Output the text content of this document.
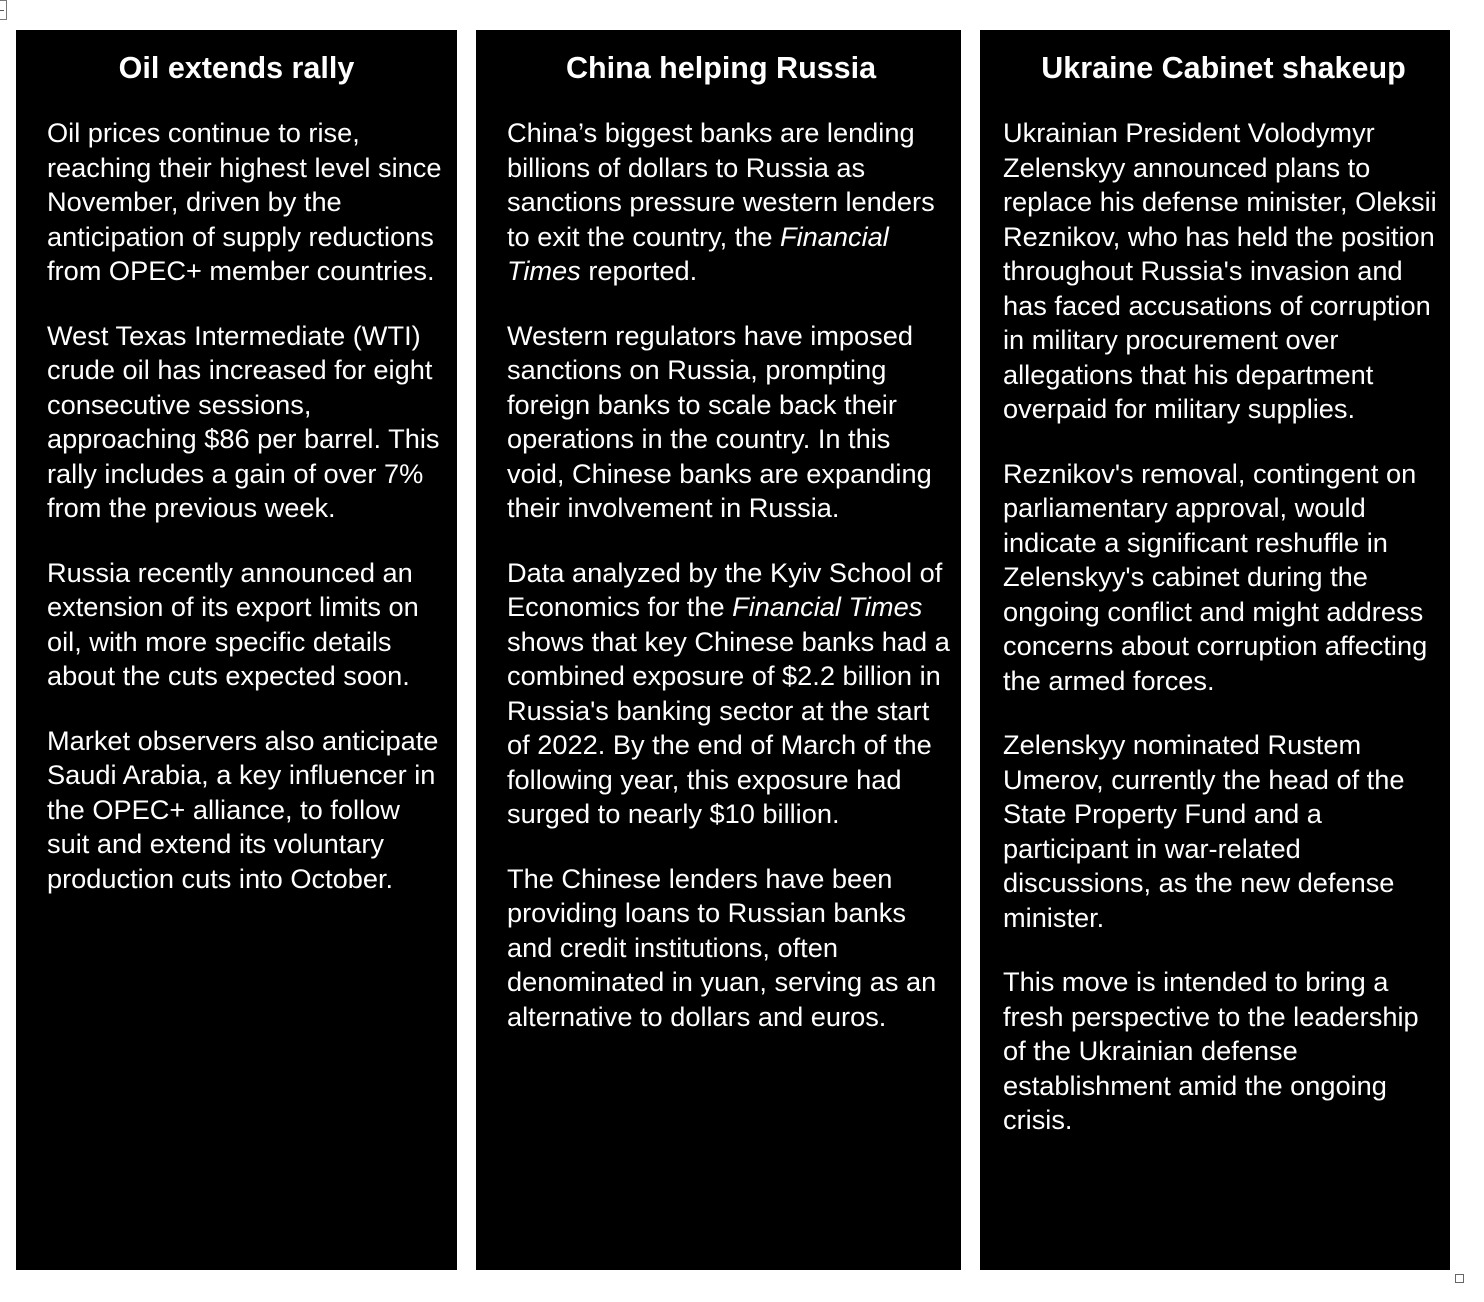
Oil extends rally

Oil prices continue to rise, reaching their highest level since November, driven by the anticipation of supply reductions from OPEC+ member countries.

West Texas Intermediate (WTI) crude oil has increased for eight consecutive sessions, approaching $86 per barrel. This rally includes a gain of over 7% from the previous week.

Russia recently announced an extension of its export limits on oil, with more specific details about the cuts expected soon.

Market observers also anticipate Saudi Arabia, a key influencer in the OPEC+ alliance, to follow suit and extend its voluntary production cuts into October.

China helping Russia

China’s biggest banks are lending billions of dollars to Russia as sanctions pressure western lenders to exit the country, the Financial Times reported.

Western regulators have imposed sanctions on Russia, prompting foreign banks to scale back their operations in the country. In this void, Chinese banks are expanding their involvement in Russia.

Data analyzed by the Kyiv School of Economics for the Financial Times shows that key Chinese banks had a combined exposure of $2.2 billion in Russia's banking sector at the start of 2022. By the end of March of the following year, this exposure had surged to nearly $10 billion.

The Chinese lenders have been providing loans to Russian banks and credit institutions, often denominated in yuan, serving as an alternative to dollars and euros.

Ukraine Cabinet shakeup

Ukrainian President Volodymyr Zelenskyy announced plans to replace his defense minister, Oleksii Reznikov, who has held the position throughout Russia's invasion and has faced accusations of corruption in military procurement over allegations that his department overpaid for military supplies.

Reznikov's removal, contingent on parliamentary approval, would indicate a significant reshuffle in Zelenskyy's cabinet during the ongoing conflict and might address concerns about corruption affecting the armed forces.

Zelenskyy nominated Rustem Umerov, currently the head of the State Property Fund and a participant in war-related discussions, as the new defense minister.

This move is intended to bring a fresh perspective to the leadership of the Ukrainian defense establishment amid the ongoing crisis.
